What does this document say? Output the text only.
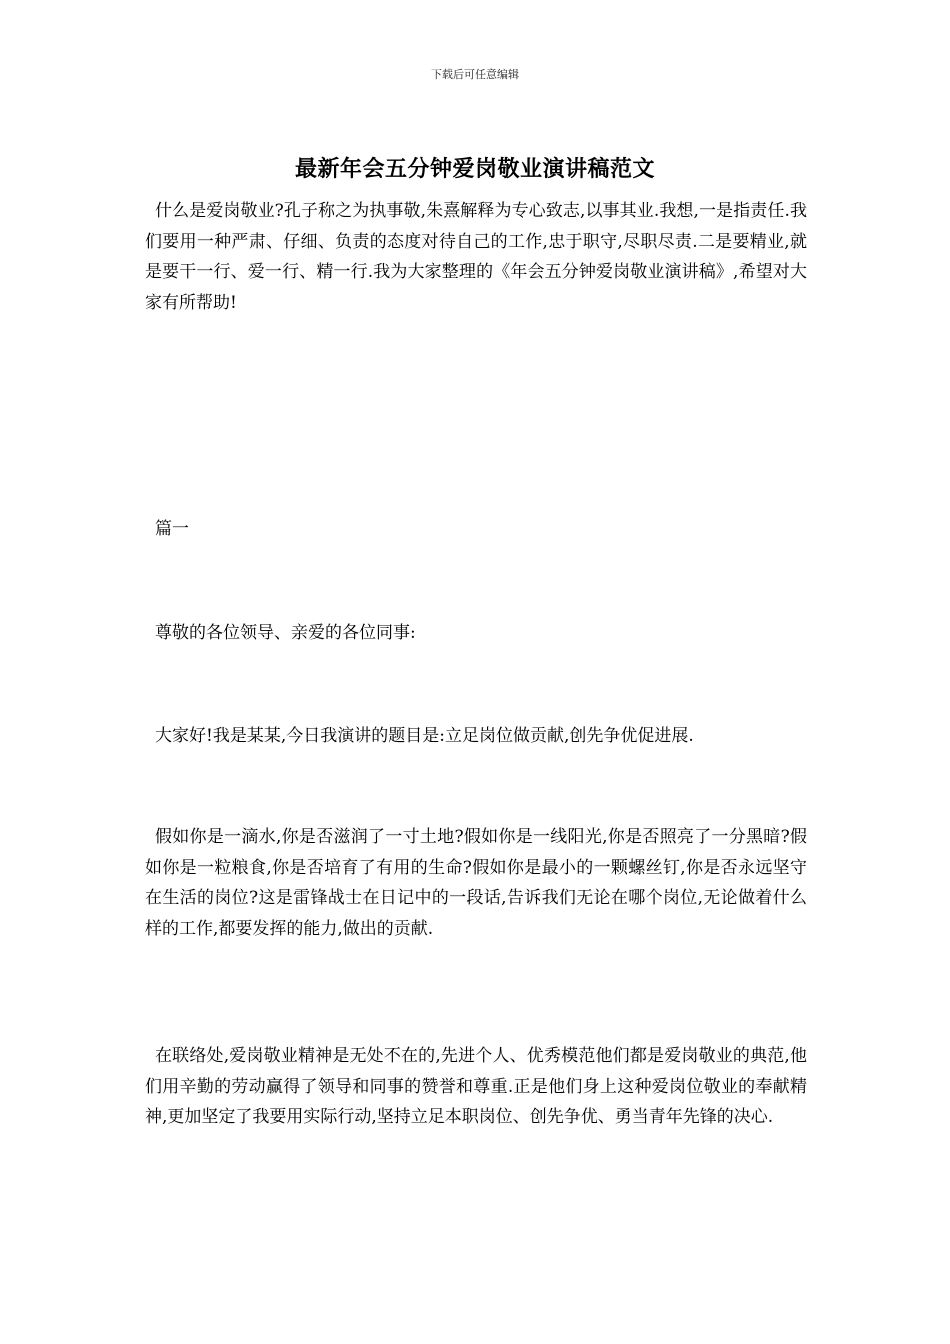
下载后可任意编辑
最新年会五分钟爱岗敬业演讲稿范文

什么是爱岗敬业?孔子称之为执事敬,朱熹解释为专心致志,以事其业.我想,一是指责任.我们要用一种严肃、仔细、负责的态度对待自己的工作,忠于职守,尽职尽责.二是要精业,就是要干一行、爱一行、精一行.我为大家整理的《年会五分钟爱岗敬业演讲稿》,希望对大家有所帮助!

篇一

尊敬的各位领导、亲爱的各位同事:

大家好!我是某某,今日我演讲的题目是:立足岗位做贡献,创先争优促进展.

假如你是一滴水,你是否滋润了一寸土地?假如你是一线阳光,你是否照亮了一分黑暗?假如你是一粒粮食,你是否培育了有用的生命?假如你是最小的一颗螺丝钉,你是否永远坚守在生活的岗位?这是雷锋战士在日记中的一段话,告诉我们无论在哪个岗位,无论做着什么样的工作,都要发挥的能力,做出的贡献.

在联络处,爱岗敬业精神是无处不在的,先进个人、优秀模范他们都是爱岗敬业的典范,他们用辛勤的劳动赢得了领导和同事的赞誉和尊重.正是他们身上这种爱岗位敬业的奉献精神,更加坚定了我要用实际行动,坚持立足本职岗位、创先争优、勇当青年先锋的决心.
